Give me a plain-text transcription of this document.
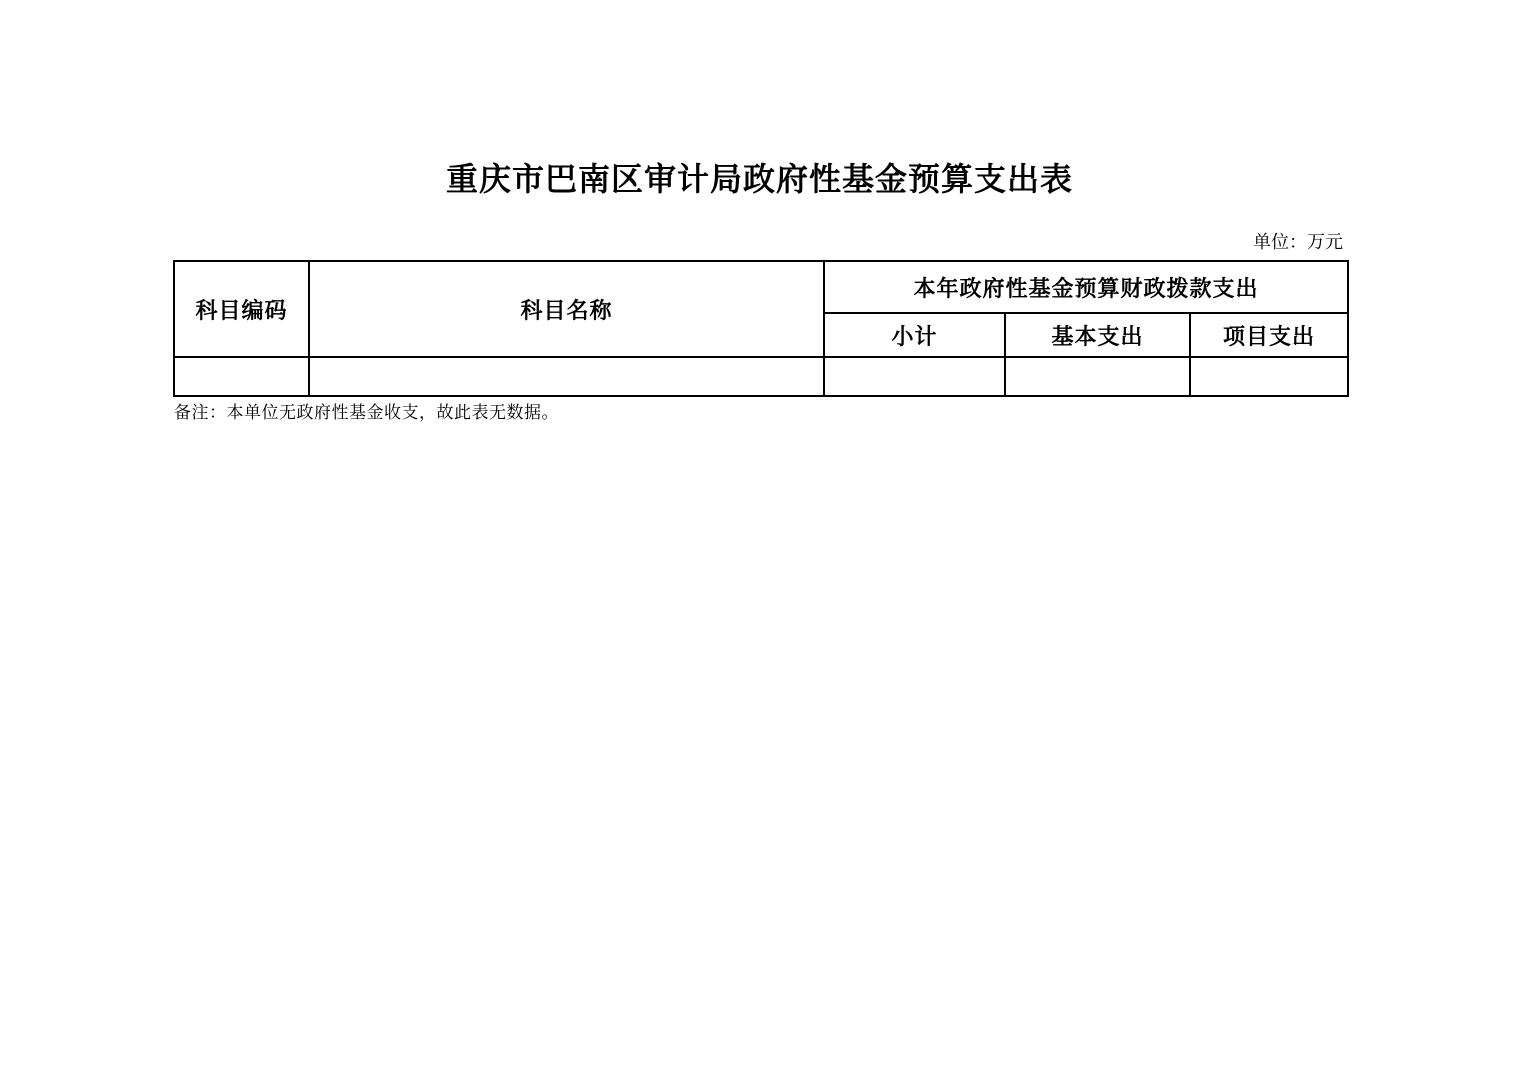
重庆市巴南区审计局政府性基金预算支出表
单位：万元
科目编码	科目名称	本年政府性基金预算财政拨款支出		
		小计	基本支出	项目支出

备注：本单位无政府性基金收支，故此表无数据。
